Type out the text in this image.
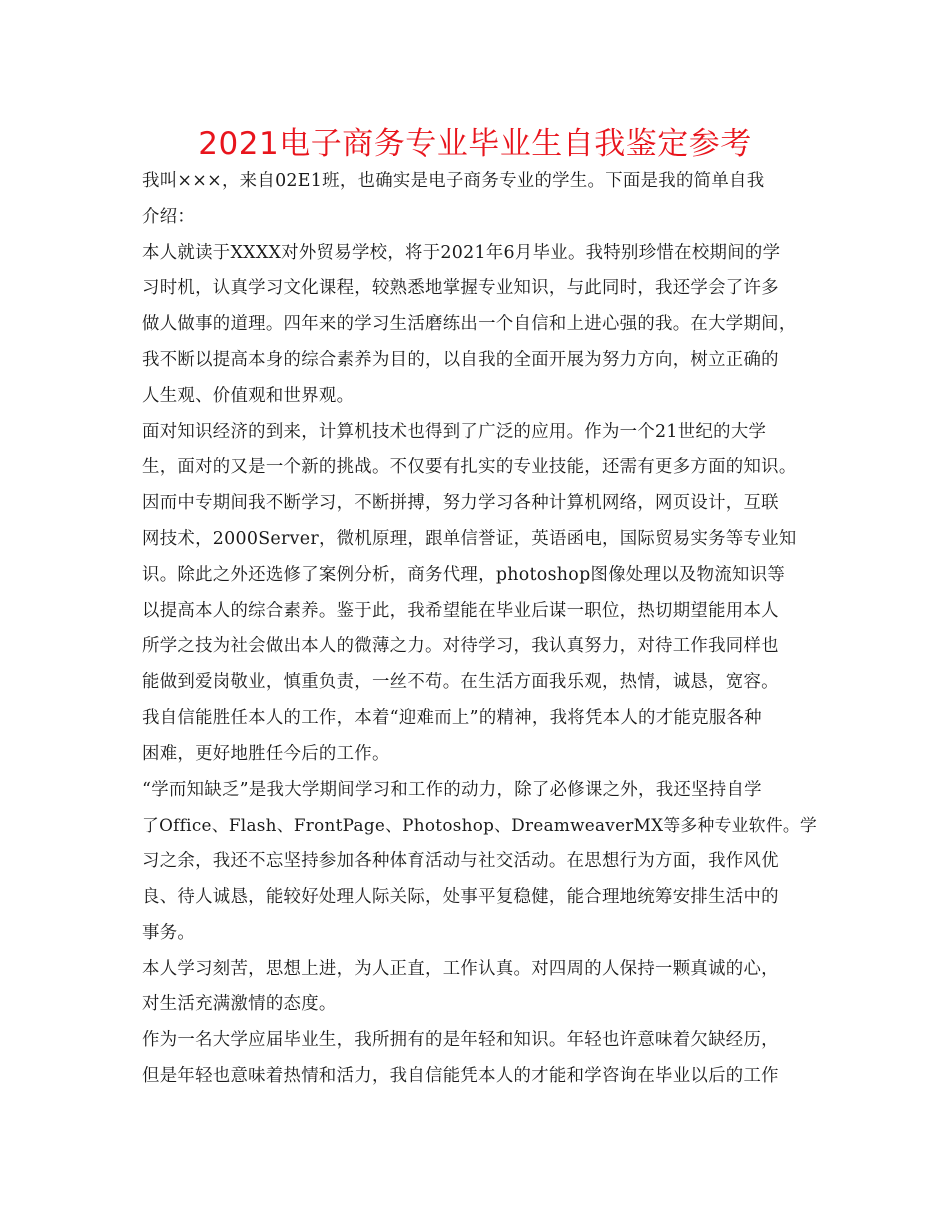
2021电子商务专业毕业生自我鉴定参考
我叫×××，来自02E1班，也确实是电子商务专业的学生。下面是我的简单自我
介绍：
本人就读于XXXX对外贸易学校，将于2021年6月毕业。我特别珍惜在校期间的学
习时机，认真学习文化课程，较熟悉地掌握专业知识，与此同时，我还学会了许多
做人做事的道理。四年来的学习生活磨练出一个自信和上进心强的我。在大学期间，
我不断以提高本身的综合素养为目的，以自我的全面开展为努力方向，树立正确的
人生观、价值观和世界观。
面对知识经济的到来，计算机技术也得到了广泛的应用。作为一个21世纪的大学
生，面对的又是一个新的挑战。不仅要有扎实的专业技能，还需有更多方面的知识。
因而中专期间我不断学习，不断拼搏，努力学习各种计算机网络，网页设计，互联
网技术，2000Server，微机原理，跟单信誉证，英语函电，国际贸易实务等专业知
识。除此之外还选修了案例分析，商务代理，photoshop图像处理以及物流知识等
以提高本人的综合素养。鉴于此，我希望能在毕业后谋一职位，热切期望能用本人
所学之技为社会做出本人的微薄之力。对待学习，我认真努力，对待工作我同样也
能做到爱岗敬业，慎重负责，一丝不苟。在生活方面我乐观，热情，诚恳，宽容。
我自信能胜任本人的工作，本着“迎难而上”的精神，我将凭本人的才能克服各种
困难，更好地胜任今后的工作。
“学而知缺乏”是我大学期间学习和工作的动力，除了必修课之外，我还坚持自学
了Office、Flash、FrontPage、Photoshop、DreamweaverMX等多种专业软件。学
习之余，我还不忘坚持参加各种体育活动与社交活动。在思想行为方面，我作风优
良、待人诚恳，能较好处理人际关际，处事平复稳健，能合理地统筹安排生活中的
事务。
本人学习刻苦，思想上进，为人正直，工作认真。对四周的人保持一颗真诚的心，
对生活充满激情的态度。
作为一名大学应届毕业生，我所拥有的是年轻和知识。年轻也许意味着欠缺经历，
但是年轻也意味着热情和活力，我自信能凭本人的才能和学咨询在毕业以后的工作
